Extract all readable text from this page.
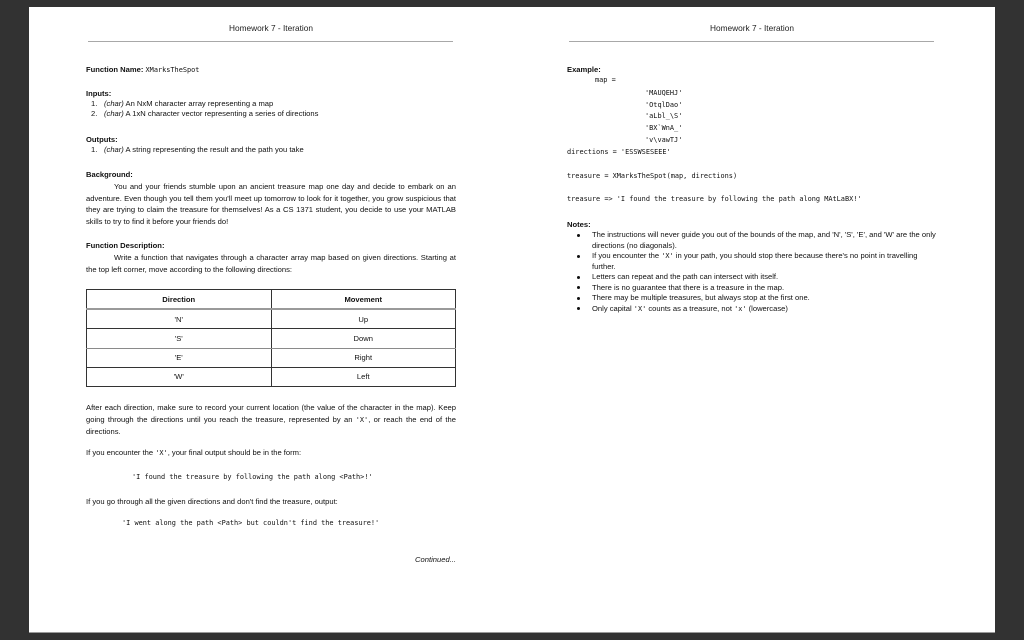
Homework 7 - Iteration
Function Name: XMarksTheSpot
Inputs:
1. (char) An NxM character array representing a map
2. (char) A 1xN character vector representing a series of directions
Outputs:
1. (char) A string representing the result and the path you take
Background:
You and your friends stumble upon an ancient treasure map one day and decide to embark on an adventure. Even though you tell them you'll meet up tomorrow to look for it together, you grow suspicious that they are trying to claim the treasure for themselves! As a CS 1371 student, you decide to use your MATLAB skills to try to find it before your friends do!
Function Description:
Write a function that navigates through a character array map based on given directions. Starting at the top left corner, move according to the following directions:
Direction	Movement
'N'	Up
'S'	Down
'E'	Right
'W'	Left
After each direction, make sure to record your current location (the value of the character in the map). Keep going through the directions until you reach the treasure, represented by an 'X', or reach the end of the directions.
If you encounter the 'X', your final output should be in the form:
'I found the treasure by following the path along <Path>!'
If you go through all the given directions and don't find the treasure, output:
'I went along the path <Path> but couldn't find the treasure!'
Continued...
Homework 7 - Iteration
Example:
map =
'MAUQEHJ'
'OtqlDao'
'aLbl_\S'
'BX`WnA_'
'v\vawTJ'
directions = 'ESSWSESEEE'
treasure = XMarksTheSpot(map, directions)
treasure => 'I found the treasure by following the path along MAtLaBX!'
Notes:
The instructions will never guide you out of the bounds of the map, and 'N', 'S', 'E', and 'W' are the only directions (no diagonals).
If you encounter the 'X' in your path, you should stop there because there's no point in travelling further.
Letters can repeat and the path can intersect with itself.
There is no guarantee that there is a treasure in the map.
There may be multiple treasures, but always stop at the first one.
Only capital 'X' counts as a treasure, not 'x' (lowercase)
